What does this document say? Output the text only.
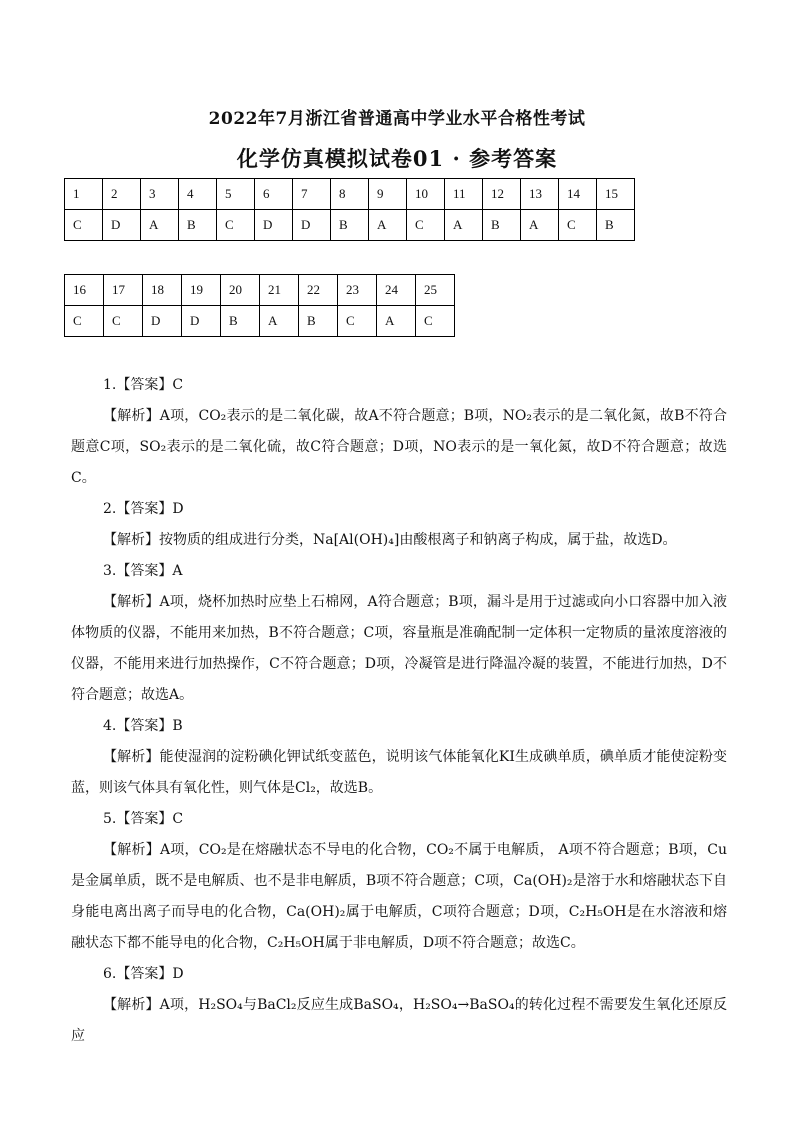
2022年7月浙江省普通高中学业水平合格性考试
化学仿真模拟试卷01 · 参考答案
1	2	3	4	5	6	7	8	9	10	11	12	13	14	15
C	D	A	B	C	D	D	B	A	C	A	B	A	C	B
16	17	18	19	20	21	22	23	24	25
C	C	D	D	B	A	B	C	A	C

1.【答案】C

【解析】A项，CO₂表示的是二氧化碳，故A不符合题意；B项，NO₂表示的是二氧化氮，故B不符合题意C项，SO₂表示的是二氧化硫，故C符合题意；D项，NO表示的是一氧化氮，故D不符合题意；故选C。

2.【答案】D

【解析】按物质的组成进行分类，Na[Al(OH)₄]由酸根离子和钠离子构成，属于盐，故选D。

3.【答案】A

【解析】A项，烧杯加热时应垫上石棉网，A符合题意；B项，漏斗是用于过滤或向小口容器中加入液体物质的仪器，不能用来加热，B不符合题意；C项，容量瓶是准确配制一定体积一定物质的量浓度溶液的仪器，不能用来进行加热操作，C不符合题意；D项，冷凝管是进行降温冷凝的装置，不能进行加热，D不符合题意；故选A。

4.【答案】B

【解析】能使湿润的淀粉碘化钾试纸变蓝色，说明该气体能氧化KI生成碘单质，碘单质才能使淀粉变蓝，则该气体具有氧化性，则气体是Cl₂，故选B。

5.【答案】C

【解析】A项，CO₂是在熔融状态不导电的化合物，CO₂不属于电解质， A项不符合题意；B项，Cu是金属单质，既不是电解质、也不是非电解质，B项不符合题意；C项，Ca(OH)₂是溶于水和熔融状态下自身能电离出离子而导电的化合物，Ca(OH)₂属于电解质，C项符合题意；D项，C₂H₅OH是在水溶液和熔融状态下都不能导电的化合物，C₂H₅OH属于非电解质，D项不符合题意；故选C。

6.【答案】D

【解析】A项，H₂SO₄与BaCl₂反应生成BaSO₄，H₂SO₄→BaSO₄的转化过程不需要发生氧化还原反应
